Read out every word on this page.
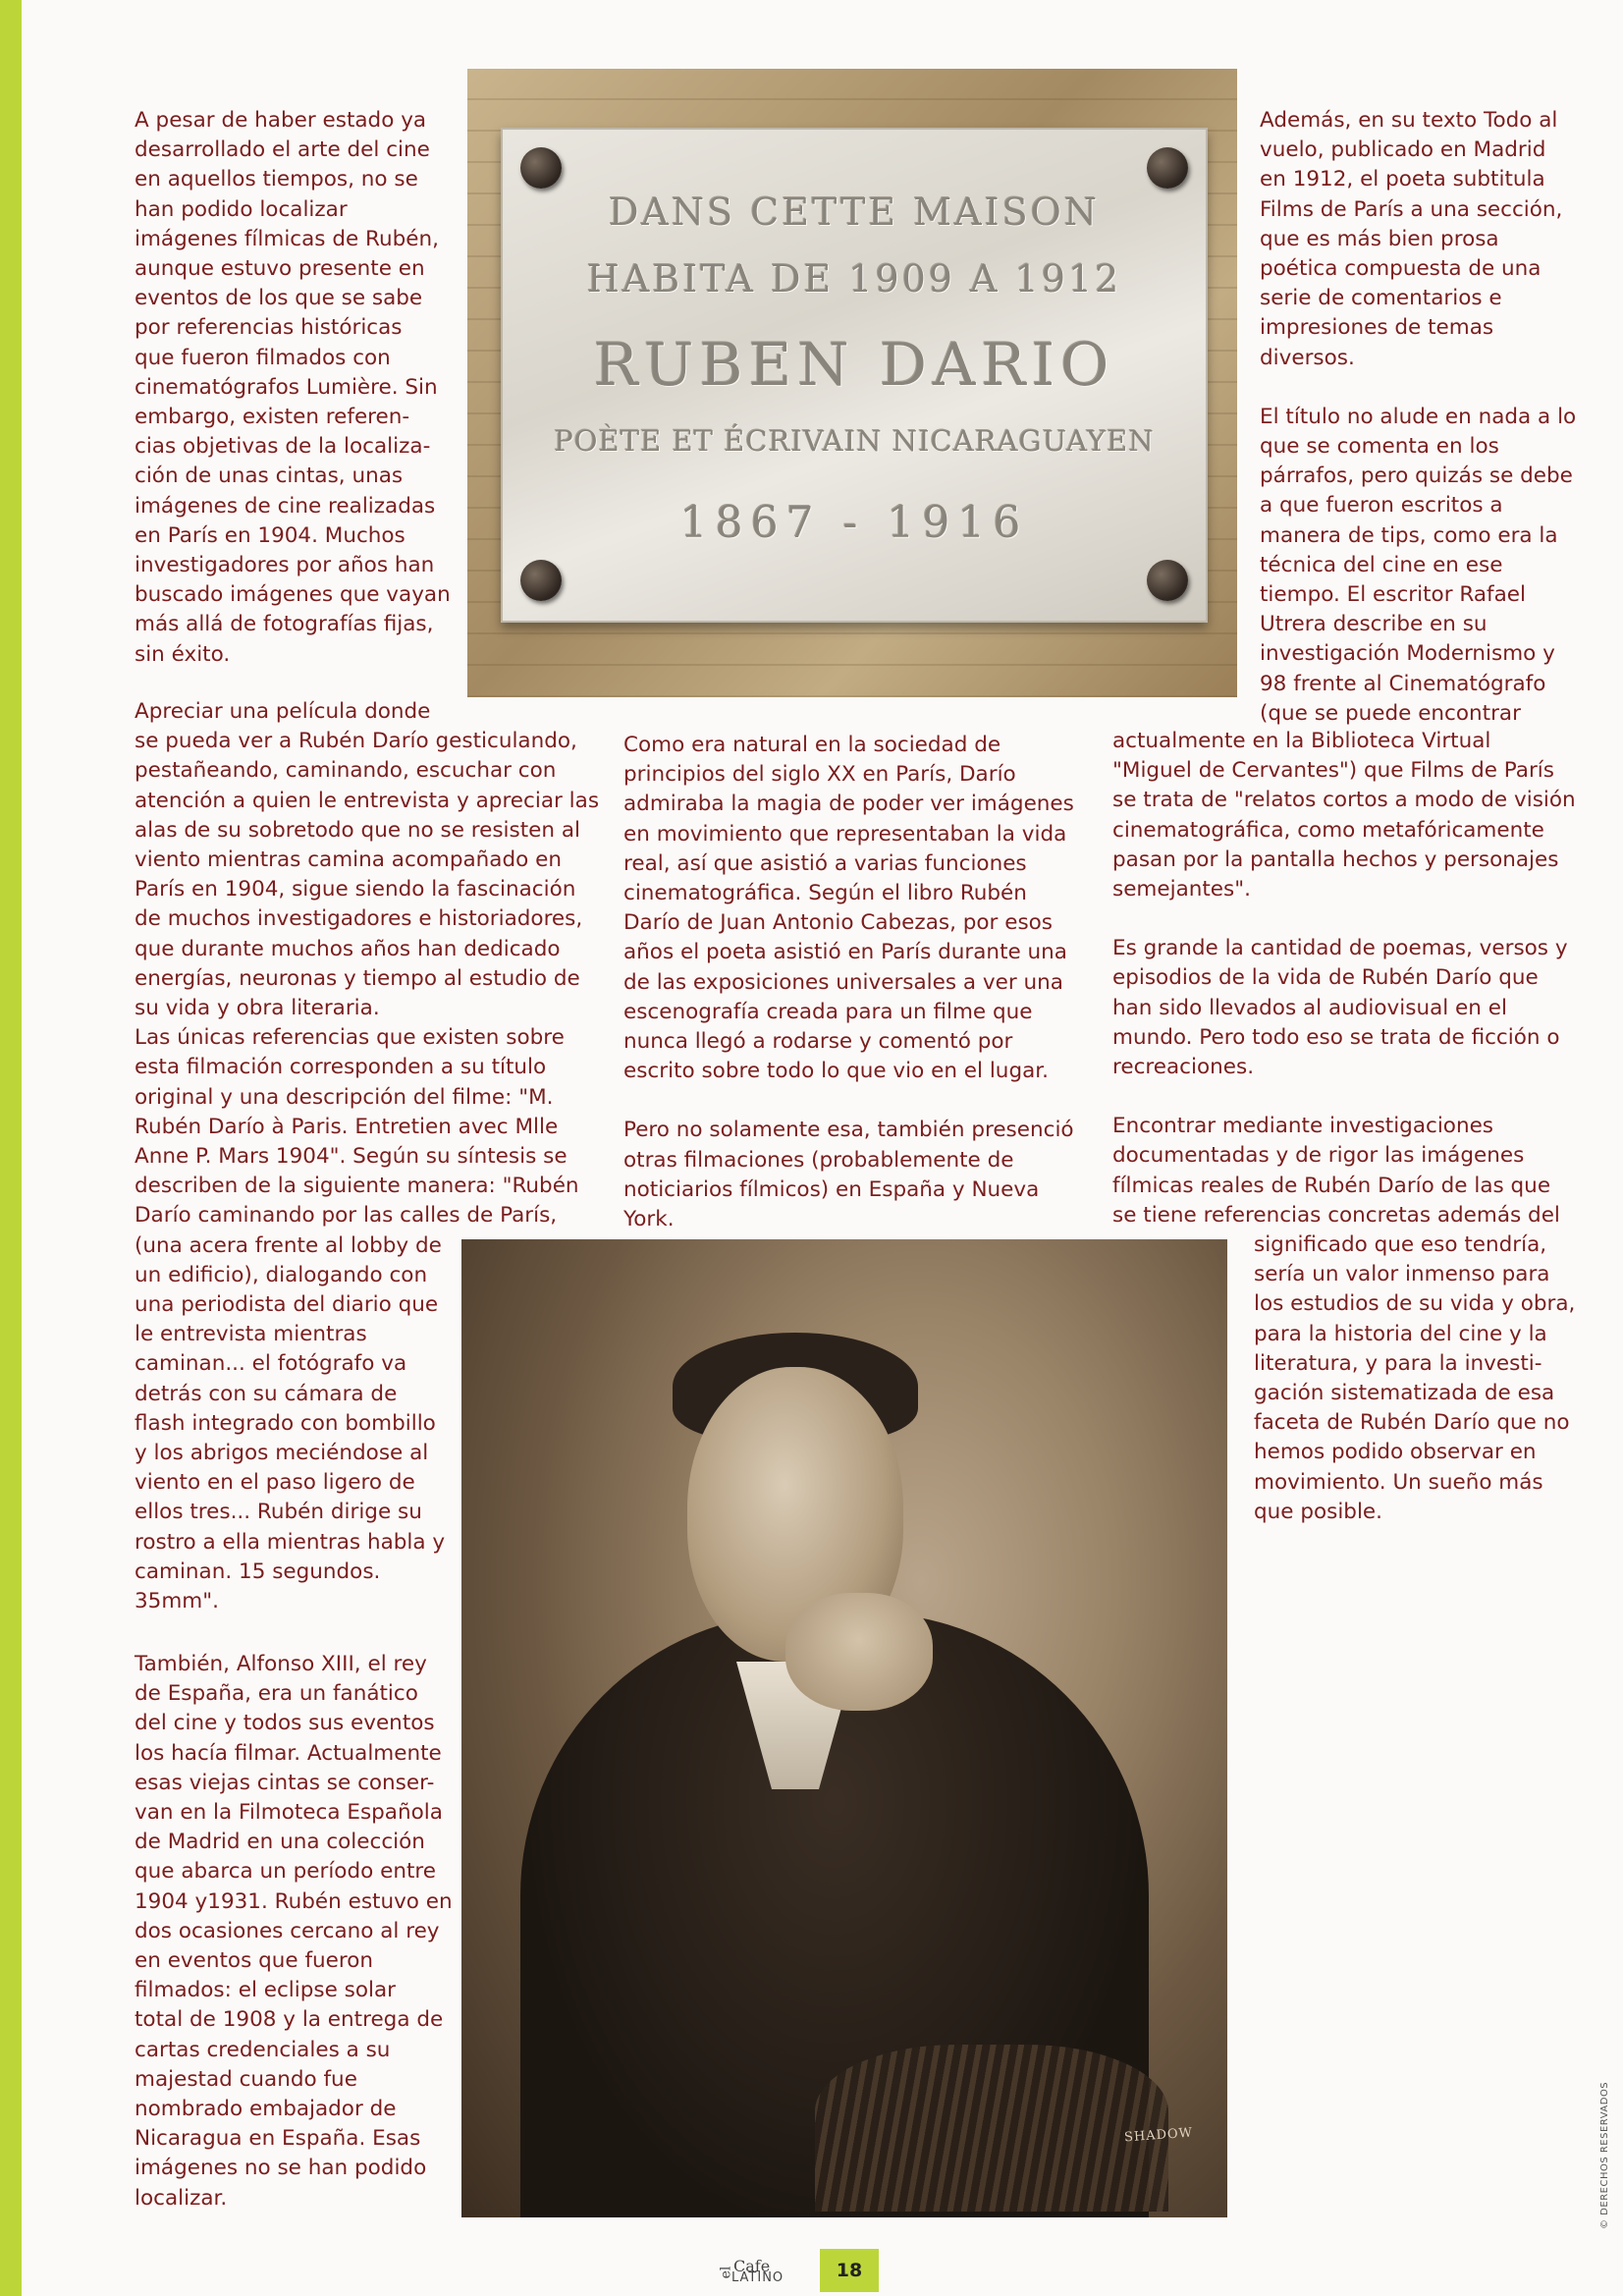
DANS CETTE MAISON
HABITA DE 1909 A 1912
RUBEN DARIO
POÈTE ET ÉCRIVAIN NICARAGUAYEN
1867 - 1916
SHADOW

A pesar de haber estado ya

desarrollado el arte del cine

en aquellos tiempos, no se

han podido localizar

imágenes fílmicas de Rubén,

aunque estuvo presente en

eventos de los que se sabe

por referencias históricas

que fueron filmados con

cinematógrafos Lumière. Sin

embargo, existen referen-

cias objetivas de la localiza-

ción de unas cintas, unas

imágenes de cine realizadas

en París en 1904. Muchos

investigadores por años han

buscado imágenes que vayan

más allá de fotografías fijas,

sin éxito.

Apreciar una película donde

se pueda ver a Rubén Darío gesticulando,

pestañeando, caminando, escuchar con

atención a quien le entrevista y apreciar las

alas de su sobretodo que no se resisten al

viento mientras camina acompañado en

París en 1904, sigue siendo la fascinación

de muchos investigadores e historiadores,

que durante muchos años han dedicado

energías, neuronas y tiempo al estudio de

su vida y obra literaria.

Las únicas referencias que existen sobre

esta filmación corresponden a su título

original y una descripción del filme: "M.

Rubén Darío à Paris. Entretien avec Mlle

Anne P. Mars 1904". Según su síntesis se

describen de la siguiente manera: "Rubén

Darío caminando por las calles de París,

(una acera frente al lobby de

un edificio), dialogando con

una periodista del diario que

le entrevista mientras

caminan... el fotógrafo va

detrás con su cámara de

flash integrado con bombillo

y los abrigos meciéndose al

viento en el paso ligero de

ellos tres... Rubén dirige su

rostro a ella mientras habla y

caminan. 15 segundos.

35mm".

También, Alfonso XIII, el rey

de España, era un fanático

del cine y todos sus eventos

los hacía filmar. Actualmente

esas viejas cintas se conser-

van en la Filmoteca Española

de Madrid en una colección

que abarca un período entre

1904 y1931. Rubén estuvo en

dos ocasiones cercano al rey

en eventos que fueron

filmados: el eclipse solar

total de 1908 y la entrega de

cartas credenciales a su

majestad cuando fue

nombrado embajador de

Nicaragua en España. Esas

imágenes no se han podido

localizar.

Como era natural en la sociedad de

principios del siglo XX en París, Darío

admiraba la magia de poder ver imágenes

en movimiento que representaban la vida

real, así que asistió a varias funciones

cinematográfica. Según el libro Rubén

Darío de Juan Antonio Cabezas, por esos

años el poeta asistió en París durante una

de las exposiciones universales a ver una

escenografía creada para un filme que

nunca llegó a rodarse y comentó por

escrito sobre todo lo que vio en el lugar.

Pero no solamente esa, también presenció

otras filmaciones (probablemente de

noticiarios fílmicos) en España y Nueva

York.

Además, en su texto Todo al

vuelo, publicado en Madrid

en 1912, el poeta subtitula

Films de París a una sección,

que es más bien prosa

poética compuesta de una

serie de comentarios e

impresiones de temas

diversos.

El título no alude en nada a lo

que se comenta en los

párrafos, pero quizás se debe

a que fueron escritos a

manera de tips, como era la

técnica del cine en ese

tiempo. El escritor Rafael

Utrera describe en su

investigación Modernismo y

98 frente al Cinematógrafo

(que se puede encontrar

actualmente en la Biblioteca Virtual

"Miguel de Cervantes") que Films de París

se trata de "relatos cortos a modo de visión

cinematográfica, como metafóricamente

pasan por la pantalla hechos y personajes

semejantes".

Es grande la cantidad de poemas, versos y

episodios de la vida de Rubén Darío que

han sido llevados al audiovisual en el

mundo. Pero todo eso se trata de ficción o

recreaciones.

Encontrar mediante investigaciones

documentadas y de rigor las imágenes

fílmicas reales de Rubén Darío de las que

se tiene referencias concretas además del

significado que eso tendría,

sería un valor inmenso para

los estudios de su vida y obra,

para la historia del cine y la

literatura, y para la investi-

gación sistematizada de esa

faceta de Rubén Darío que no

hemos podido observar en

movimiento. Un sueño más

que posible.

el Cafe
LATINO	18
© DERECHOS RESERVADOS
